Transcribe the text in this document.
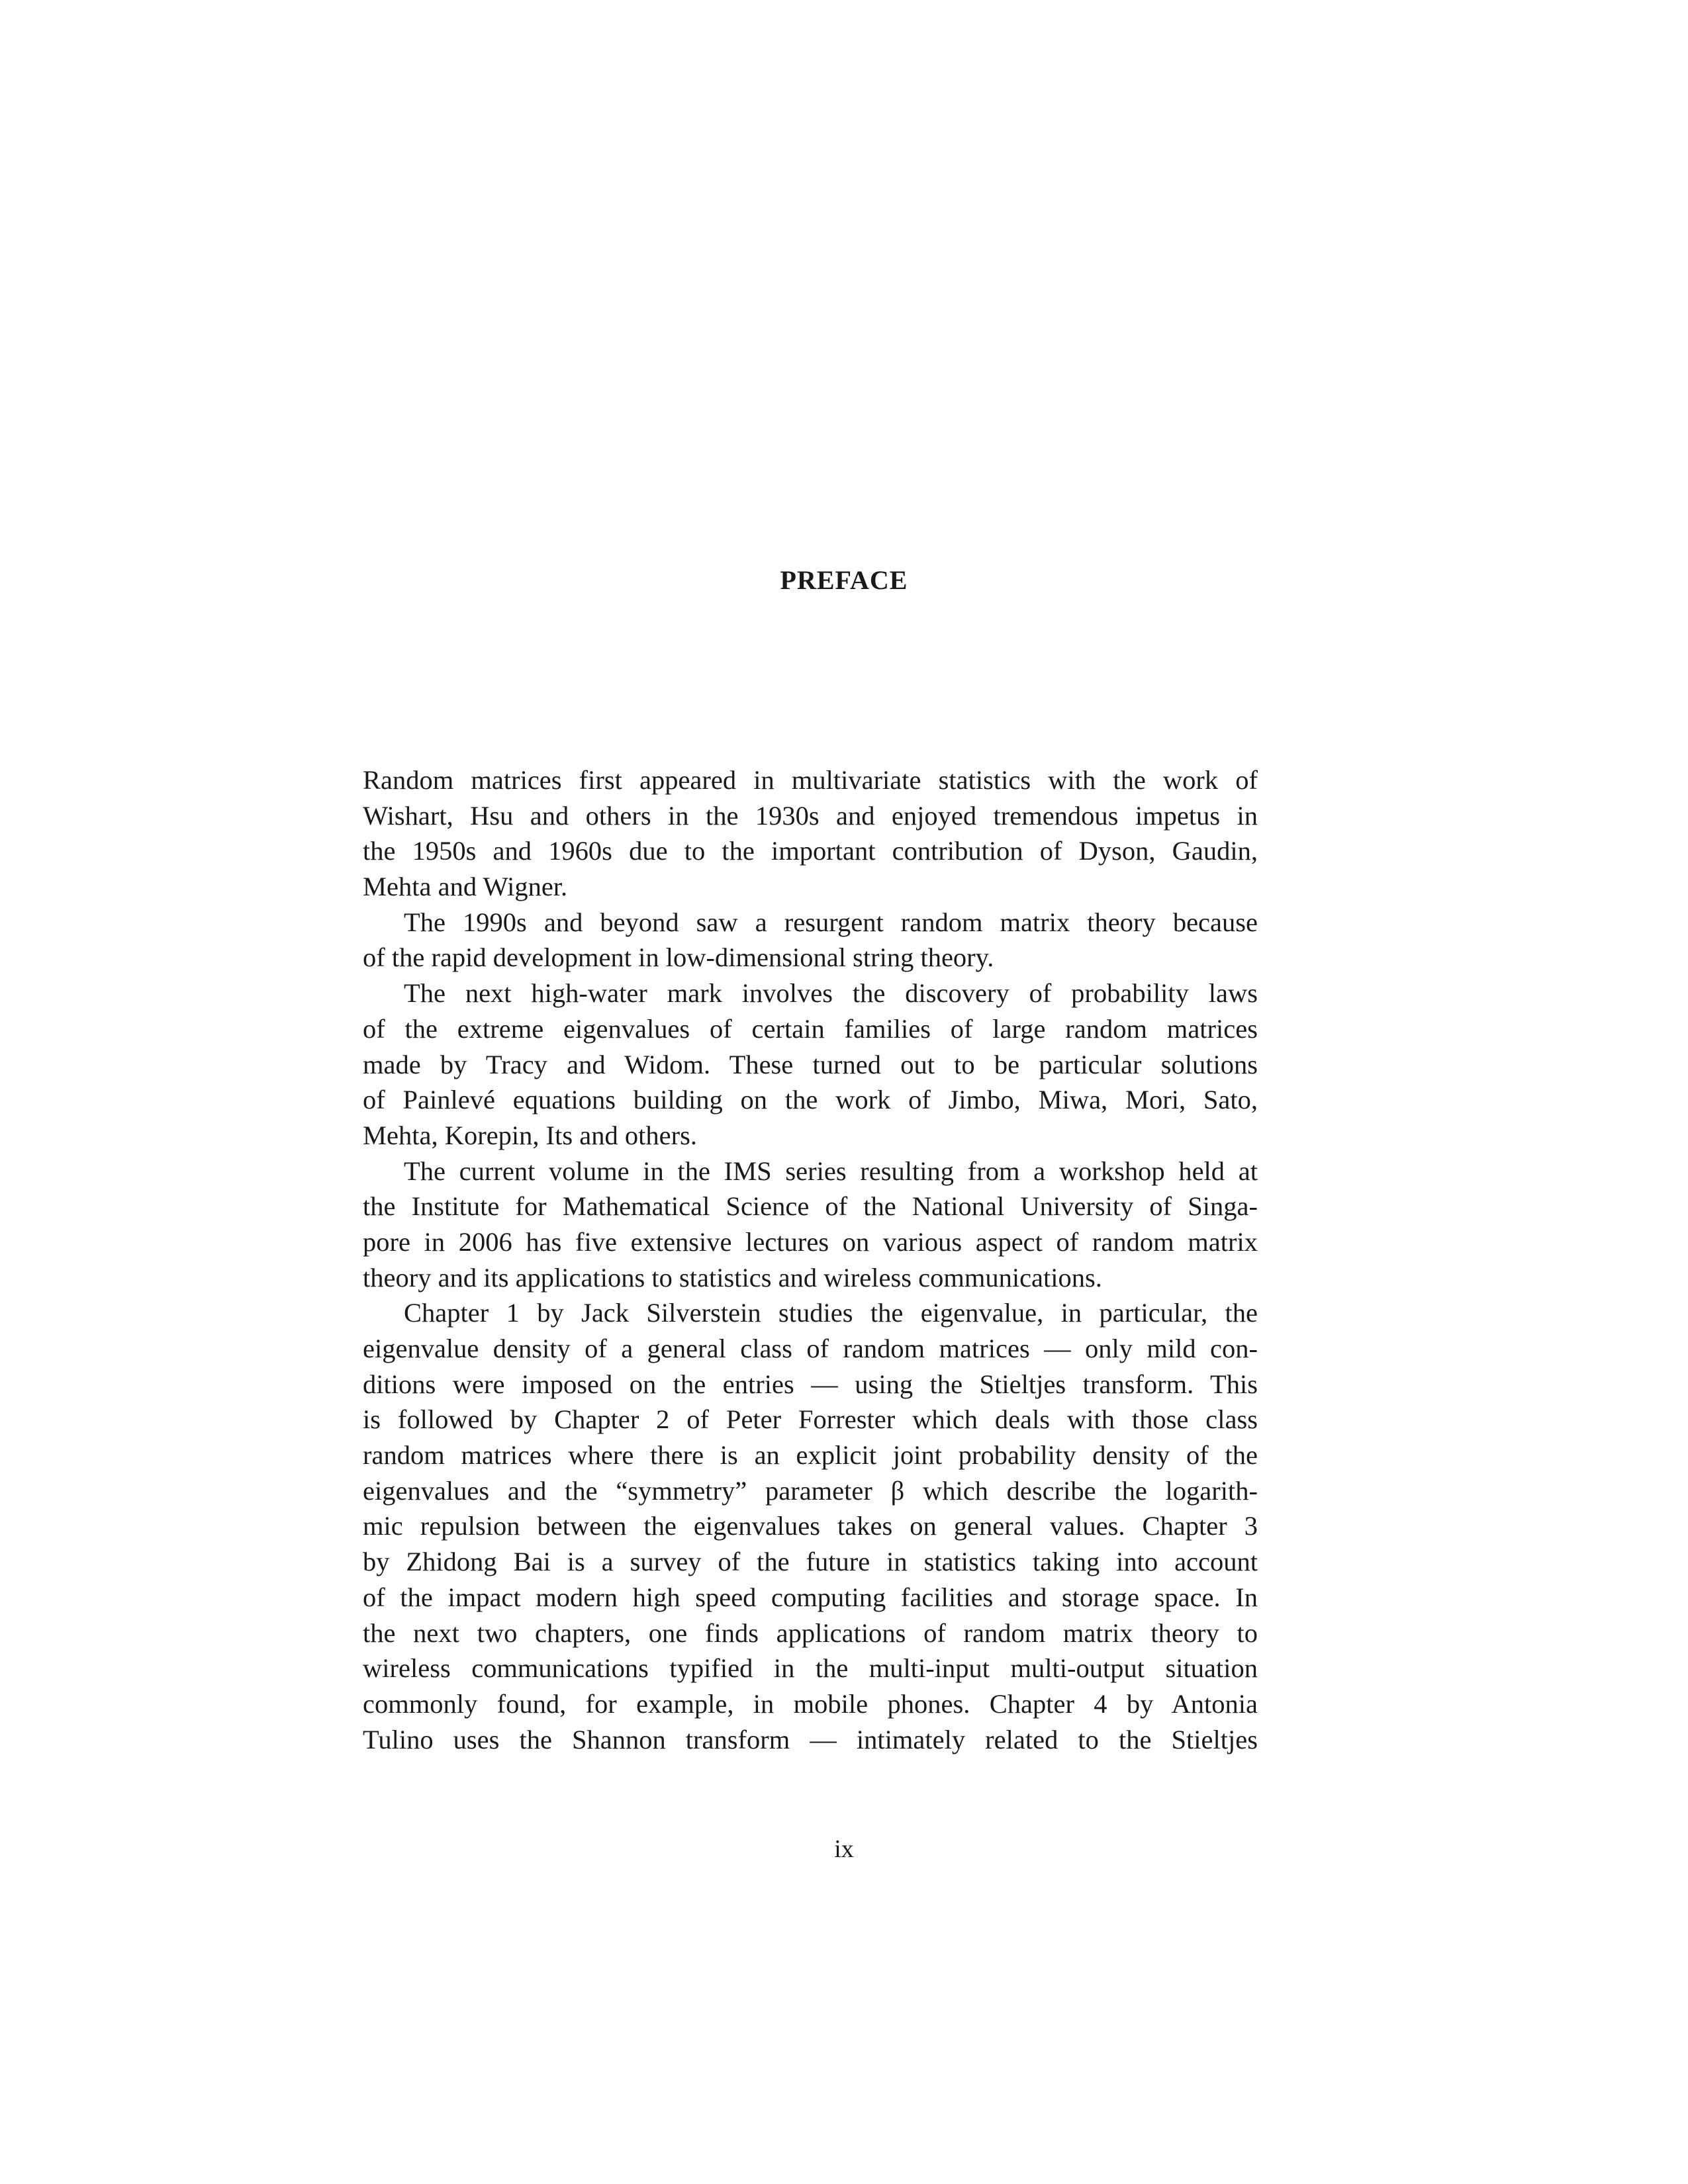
PREFACE
Random matrices first appeared in multivariate statistics with the work of
Wishart, Hsu and others in the 1930s and enjoyed tremendous impetus in
the 1950s and 1960s due to the important contribution of Dyson, Gaudin,
Mehta and Wigner.
The 1990s and beyond saw a resurgent random matrix theory because
of the rapid development in low-dimensional string theory.
The next high-water mark involves the discovery of probability laws
of the extreme eigenvalues of certain families of large random matrices
made by Tracy and Widom. These turned out to be particular solutions
of Painlevé equations building on the work of Jimbo, Miwa, Mori, Sato,
Mehta, Korepin, Its and others.
The current volume in the IMS series resulting from a workshop held at
the Institute for Mathematical Science of the National University of Singa-
pore in 2006 has five extensive lectures on various aspect of random matrix
theory and its applications to statistics and wireless communications.
Chapter 1 by Jack Silverstein studies the eigenvalue, in particular, the
eigenvalue density of a general class of random matrices — only mild con-
ditions were imposed on the entries — using the Stieltjes transform. This
is followed by Chapter 2 of Peter Forrester which deals with those class
random matrices where there is an explicit joint probability density of the
eigenvalues and the “symmetry” parameter β which describe the logarith-
mic repulsion between the eigenvalues takes on general values. Chapter 3
by Zhidong Bai is a survey of the future in statistics taking into account
of the impact modern high speed computing facilities and storage space. In
the next two chapters, one finds applications of random matrix theory to
wireless communications typified in the multi-input multi-output situation
commonly found, for example, in mobile phones. Chapter 4 by Antonia
Tulino uses the Shannon transform — intimately related to the Stieltjes
ix
